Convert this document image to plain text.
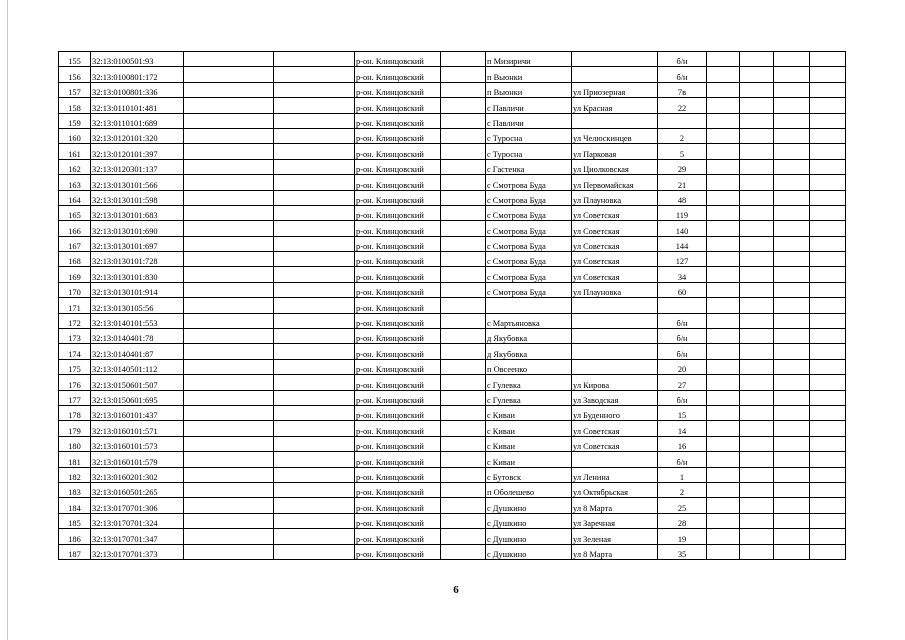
155	32:13:0100501:93			р-он. Клинцовский		п Мизиричи		б/н				
156	32:13:0100801:172			р-он. Клинцовский		п Вьюнки		б/н				
157	32:13:0100801:336			р-он. Клинцовский		п Вьюнки	ул Приозерная	7в				
158	32:13:0110101:481			р-он. Клинцовский		с Павличи	ул Красная	22				
159	32:13:0110101:689			р-он. Клинцовский		с Павличи						
160	32:13:0120101:320			р-он. Клинцовский		с Туросна	ул Челюскинцев	2				
161	32:13:0120101:397			р-он. Клинцовский		с Туросна	ул Парковая	5				
162	32:13:0120301:137			р-он. Клинцовский		с Гастенка	ул Циолковская	29				
163	32:13:0130101:566			р-он. Клинцовский		с Смотрова Буда	ул Первомайская	21				
164	32:13:0130101:598			р-он. Клинцовский		с Смотрова Буда	ул Плауновка	48				
165	32:13:0130101:683			р-он. Клинцовский		с Смотрова Буда	ул Советская	119				
166	32:13:0130101:690			р-он. Клинцовский		с Смотрова Буда	ул Советская	140				
167	32:13:0130101:697			р-он. Клинцовский		с Смотрова Буда	ул Советская	144				
168	32:13:0130101:728			р-он. Клинцовский		с Смотрова Буда	ул Советская	127				
169	32:13:0130101:830			р-он. Клинцовский		с Смотрова Буда	ул Советская	34				
170	32:13:0130101:914			р-он. Клинцовский		с Смотрова Буда	ул Плауновка	60				
171	32:13:0130105:56			р-он. Клинцовский								
172	32:13:0140101:553			р-он. Клинцовский		с Мартьяновка		б/н				
173	32:13:0140401:78			р-он. Клинцовский		д Якубовка		б/н				
174	32:13:0140401:87			р-он. Клинцовский		д Якубовка		б/н				
175	32:13:0140501:112			р-он. Клинцовский		п Овсеенко		20				
176	32:13:0150601:507			р-он. Клинцовский		с Гулевка	ул Кирова	27				
177	32:13:0150601:695			р-он. Клинцовский		с Гулевка	ул Заводская	б/н				
178	32:13:0160101:437			р-он. Клинцовский		с Киваи	ул Буденного	15				
179	32:13:0160101:571			р-он. Клинцовский		с Киваи	ул Советская	14				
180	32:13:0160101:573			р-он. Клинцовский		с Киваи	ул Советская	16				
181	32:13:0160101:579			р-он. Клинцовский		с Киваи		б/н				
182	32:13:0160201:302			р-он. Клинцовский		с Бутовск	ул Ленина	1				
183	32:13:0160501:265			р-он. Клинцовский		п Оболешево	ул Октябрьская	2				
184	32:13:0170701:306			р-он. Клинцовский		с Душкино	ул 8 Марта	25				
185	32:13:0170701:324			р-он. Клинцовский		с Душкино	ул Заречная	28				
186	32:13:0170701:347			р-он. Клинцовский		с Душкино	ул Зеленая	19				
187	32:13:0170701:373			р-он. Клинцовский		с Душкино	ул 8 Марта	35				
6
